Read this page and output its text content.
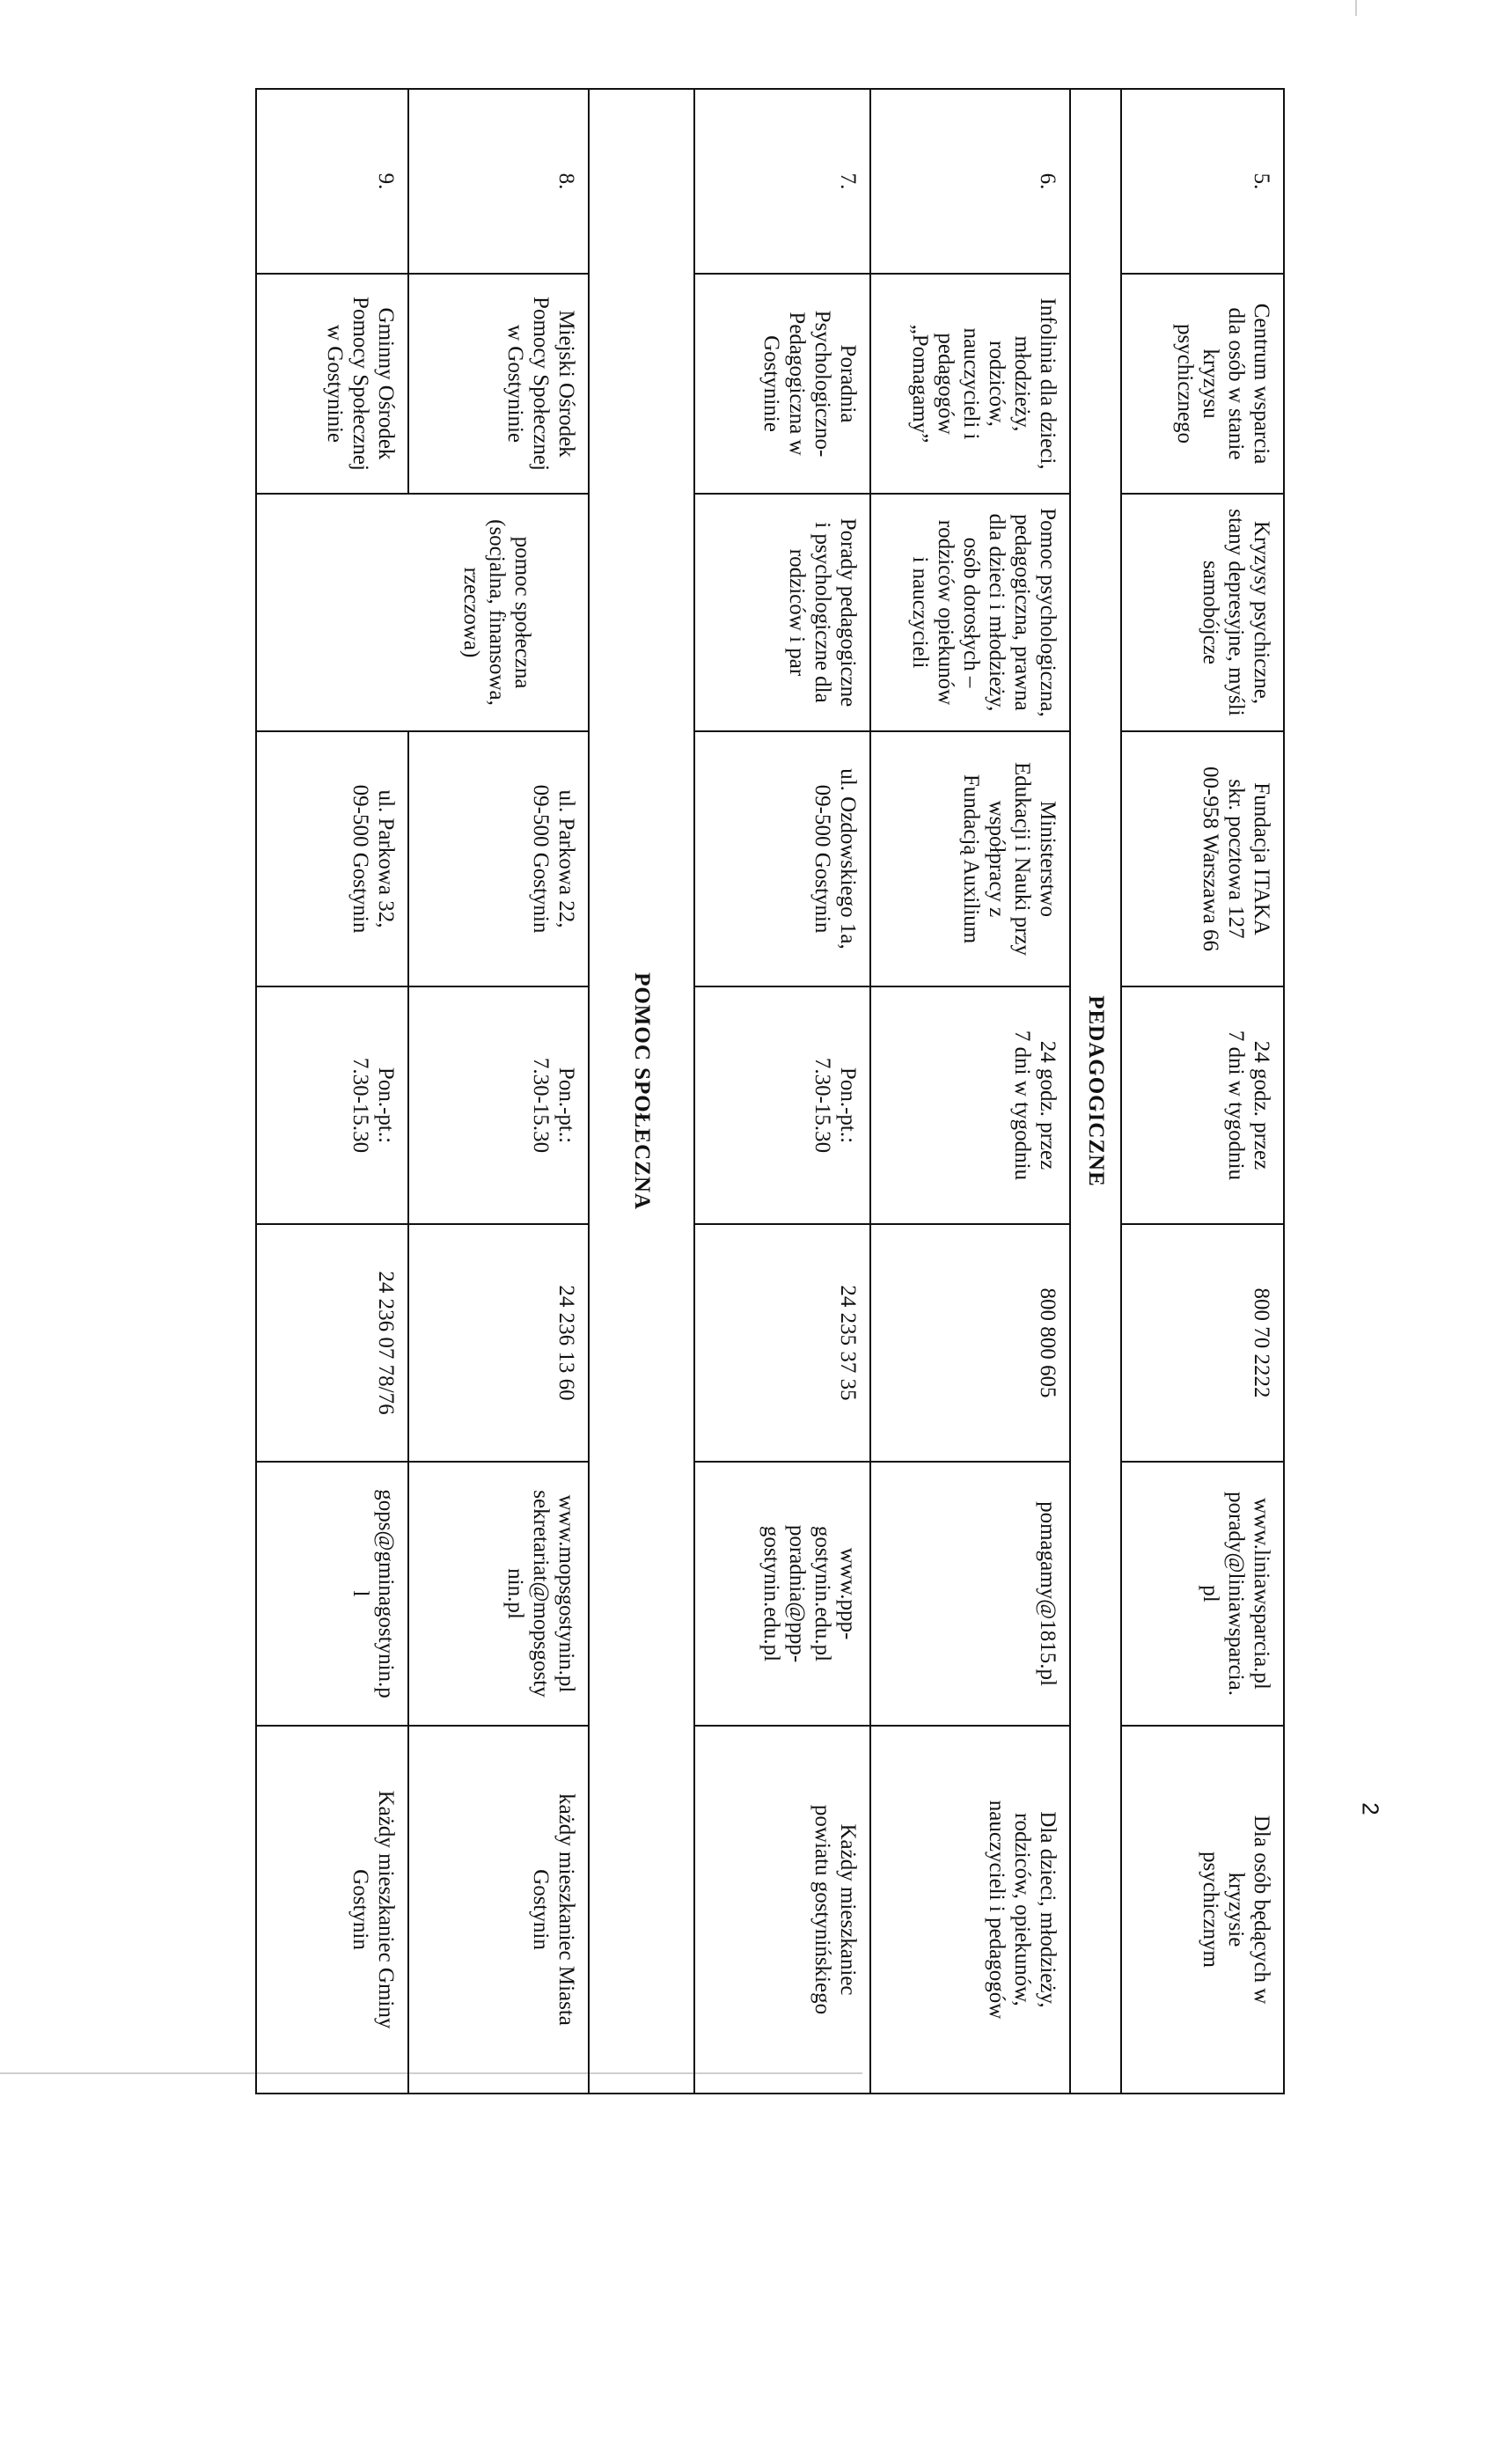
5.
Centrum wsparcia
dla osób w stanie
kryzysu
psychicznego
Kryzysy psychiczne,
stany depresyjne, myśli
samobójcze
Fundacja ITAKA
skr. pocztowa 127
00-958 Warszawa 66
24 godz. przez
7 dni w tygodniu
800 70 2222
www.liniawsparcia.pl
porady@liniawsparcia.
pl
Dla osób będących w
kryzysie
psychicznym
PEDAGOGICZNE
6.
Infolinia dla dzieci,
młodzieży,
rodziców,
nauczycieli i
pedagogów
„Pomagamy”
Pomoc psychologiczna,
pedagogiczna, prawna
dla dzieci i młodzieży,
osób dorosłych –
rodziców opiekunów
i nauczycieli
Ministerstwo
Edukacji i Nauki przy
współpracy z
Fundacją Auxilium
24 godz. przez
7 dni w tygodniu
800 800 605
pomagamy@1815.pl
Dla dzieci, młodzieży,
rodziców, opiekunów,
nauczycieli i pedagogów
7.
Poradnia
Psychologiczno-
Pedagogiczna w
Gostyninie
Porady pedagogiczne
i psychologiczne dla
rodziców i par
ul. Ozdowskiego 1a,
09-500 Gostynin
Pon.-pt.:
7.30-15.30
24 235 37 35
www.ppp-
gostynin.edu.pl
poradnia@ppp-
gostynin.edu.pl
Każdy mieszkaniec
powiatu gostynińskiego
POMOC SPOŁECZNA
8.
Miejski Ośrodek
Pomocy Społecznej
w Gostyninie
pomoc społeczna
(socjalna, finansowa,
rzeczowa)
ul. Parkowa 22,
09-500 Gostynin
Pon.-pt.:
7.30-15.30
24 236 13 60
www.mopsgostynin.pl
sekretariat@mopsgosty
nin.pl
każdy mieszkaniec Miasta
Gostynin
9.
Gminny Ośrodek
Pomocy Społecznej
w Gostyninie
ul. Parkowa 32,
09-500 Gostynin
Pon.-pt.:
7.30-15.30
24 236 07 78/76
gops@gminagostynin.p
l
Każdy mieszkaniec Gminy
Gostynin
2
